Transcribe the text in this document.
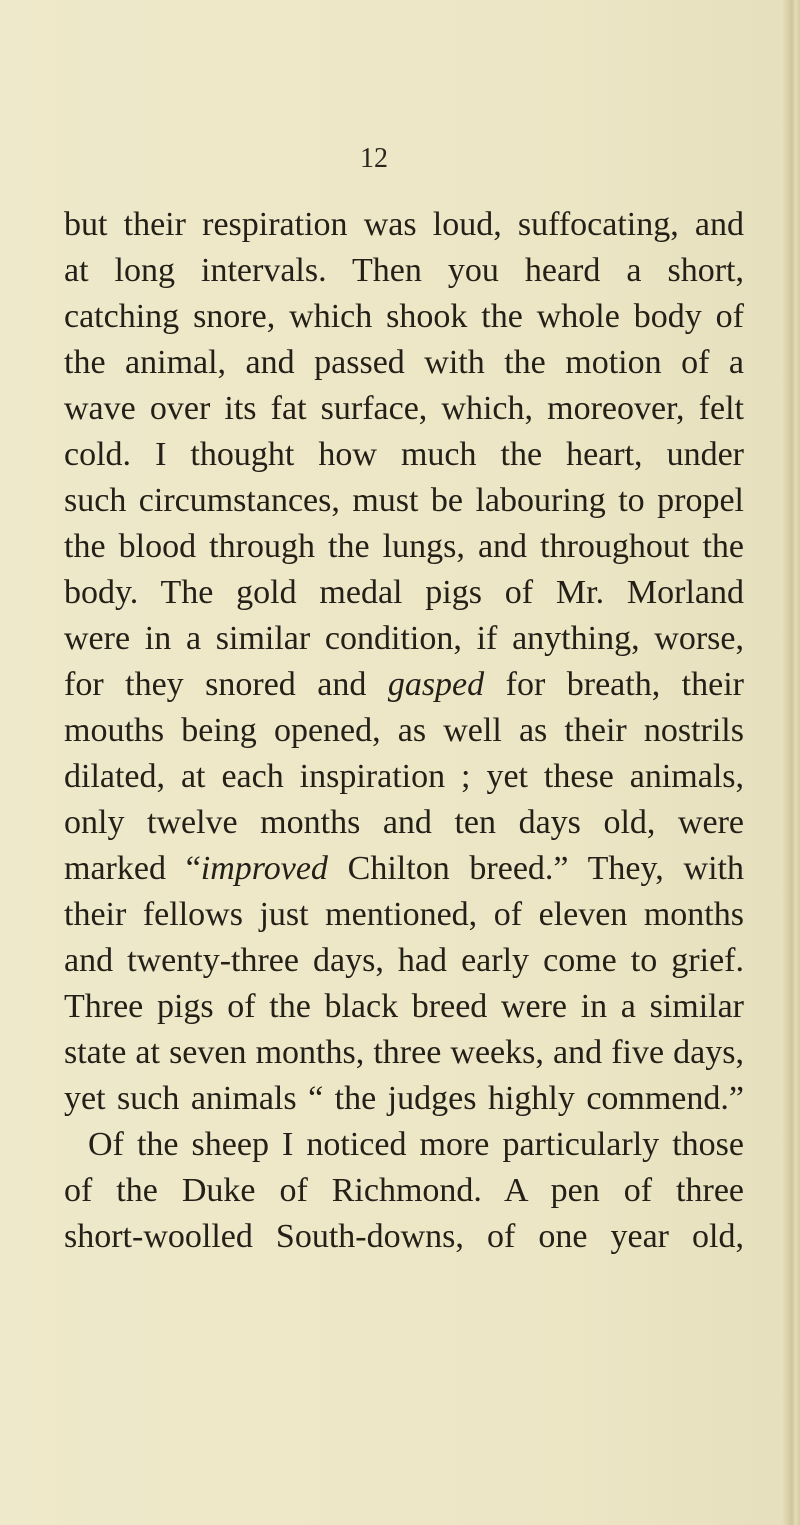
12
but their respiration was loud, suffocating, and
at long intervals. Then you heard a short,
catching snore, which shook the whole body of
the animal, and passed with the motion of a
wave over its fat surface, which, moreover, felt
cold. I thought how much the heart, under
such circumstances, must be labouring to propel
the blood through the lungs, and throughout the
body. The gold medal pigs of Mr. Morland
were in a similar condition, if anything, worse,
for they snored and gasped for breath, their
mouths being opened, as well as their nostrils
dilated, at each inspiration ; yet these animals,
only twelve months and ten days old, were
marked “improved Chilton breed.” They, with
their fellows just mentioned, of eleven months
and twenty-three days, had early come to grief.
Three pigs of the black breed were in a similar
state at seven months, three weeks, and five days,
yet such animals “ the judges highly commend.”
Of the sheep I noticed more particularly those
of the Duke of Richmond. A pen of three
short-woolled South-downs, of one year old,
